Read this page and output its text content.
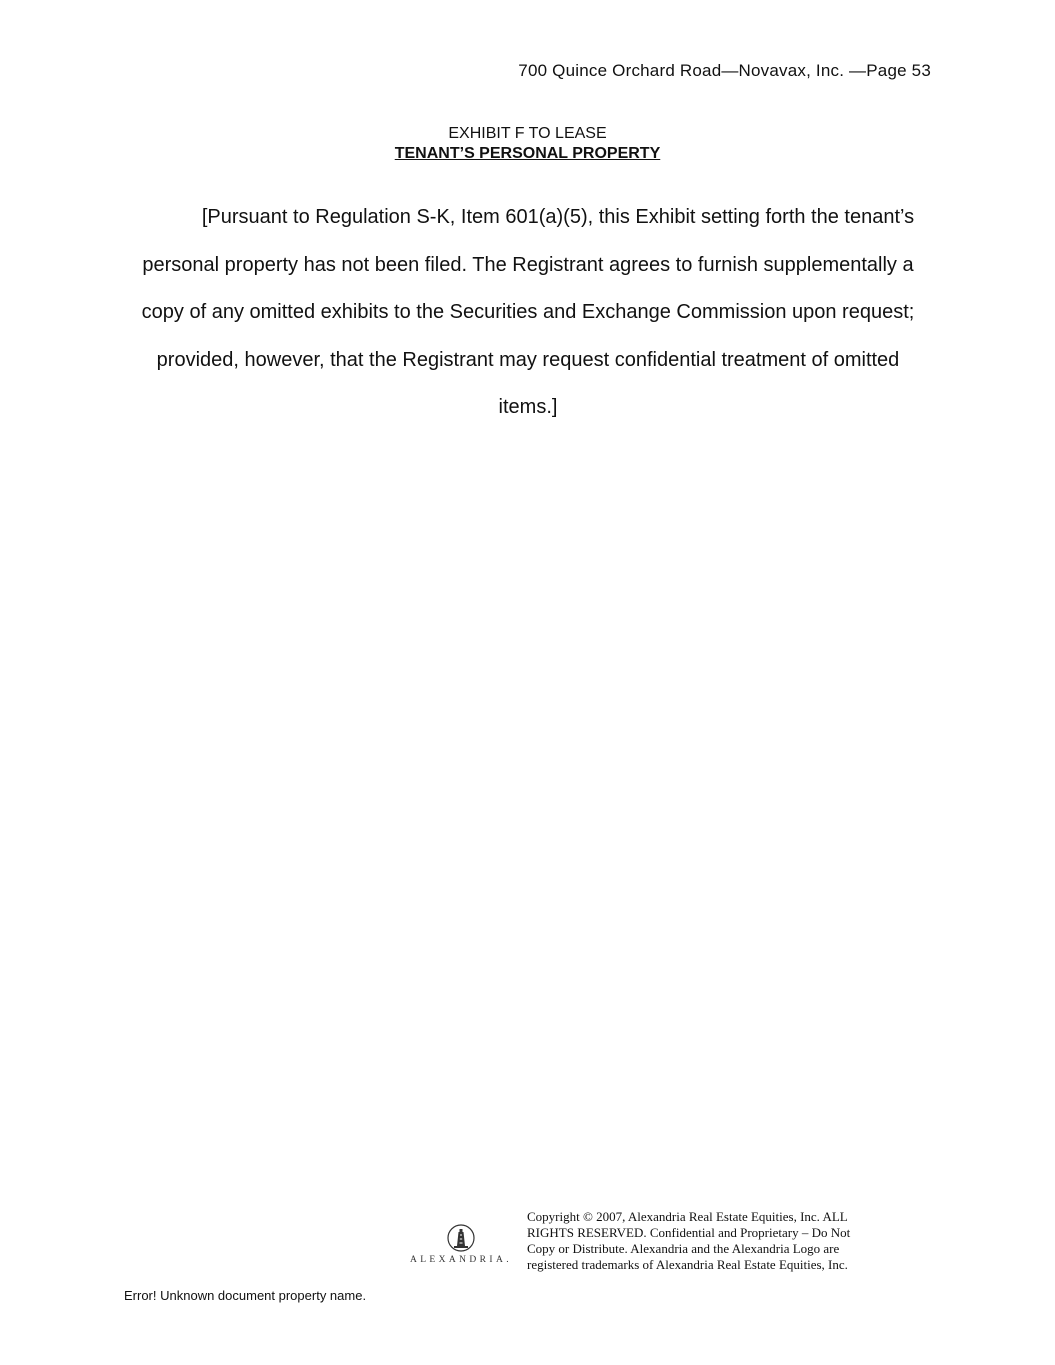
700 Quince Orchard Road—Novavax, Inc. —Page 53
EXHIBIT F TO LEASE
TENANT’S PERSONAL PROPERTY

[Pursuant to Regulation S-K, Item 601(a)(5), this Exhibit setting forth the tenant’s personal property has not been filed. The Registrant agrees to furnish supplementally a copy of any omitted exhibits to the Securities and Exchange Commission upon request; provided, however, that the Registrant may request confidential treatment of omitted items.]

ALEXANDRIA.
Copyright © 2007, Alexandria Real Estate Equities, Inc. ALL
RIGHTS RESERVED. Confidential and Proprietary – Do Not
Copy or Distribute. Alexandria and the Alexandria Logo are
registered trademarks of Alexandria Real Estate Equities, Inc.
Error! Unknown document property name.
